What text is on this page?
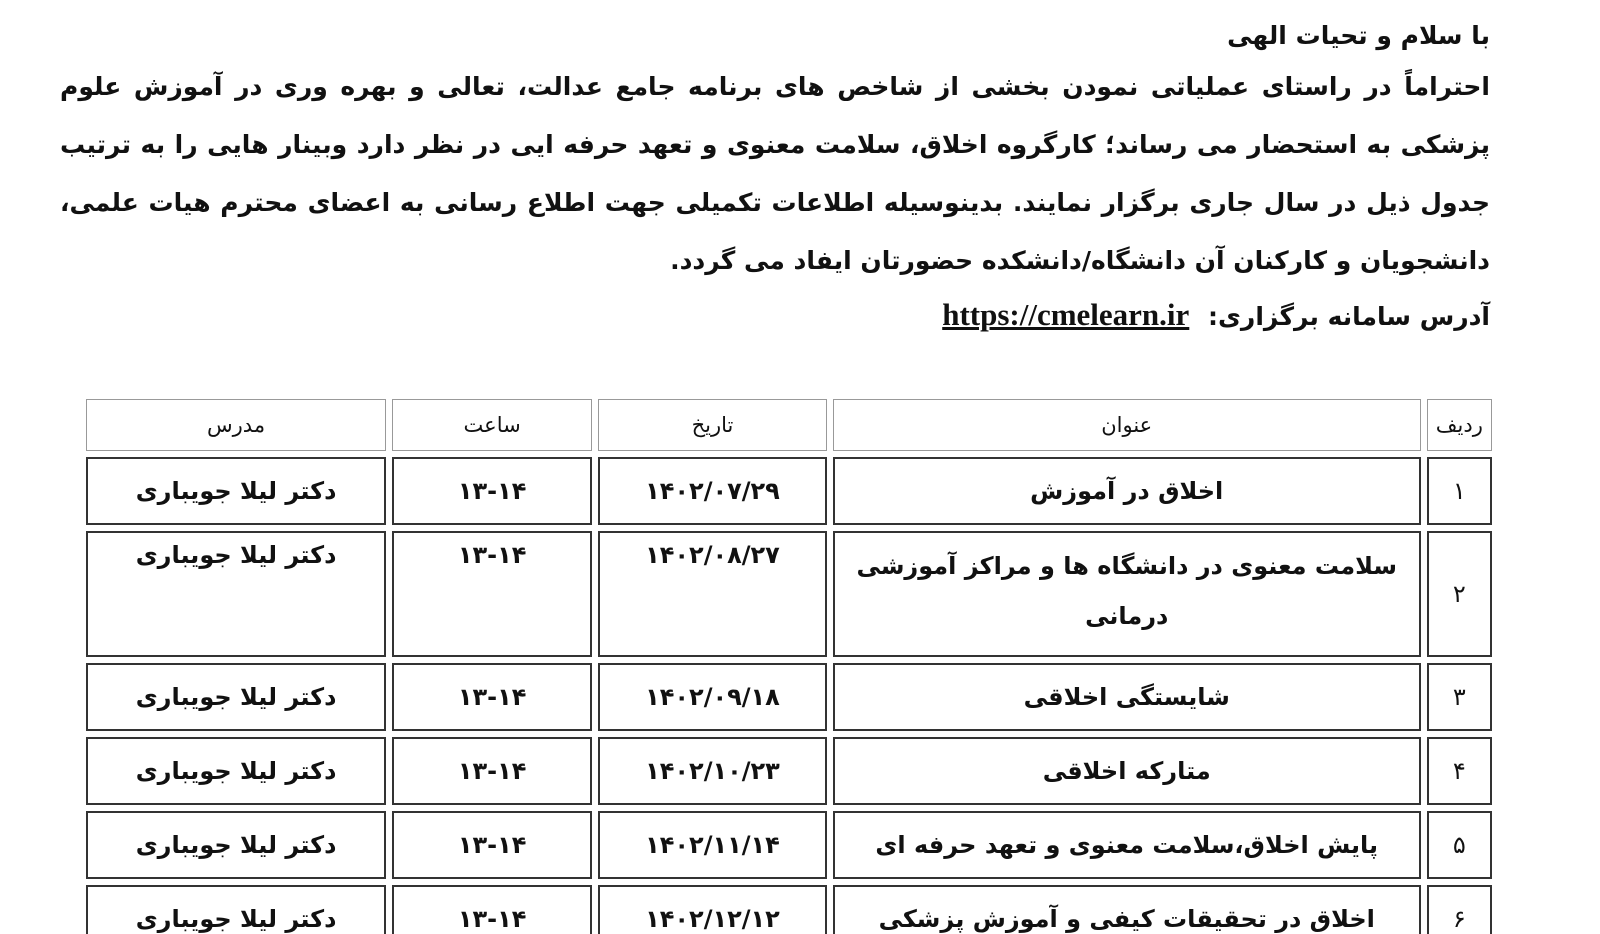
با سلام و تحیات الهی

احتراماً در راستای عملیاتی نمودن بخشی از شاخص های برنامه جامع عدالت، تعالی و بهره وری در آموزش علوم پزشکی به استحضار می رساند؛ کارگروه اخلاق، سلامت معنوی و تعهد حرفه ایی در نظر دارد وبینار هایی را به ترتیب جدول ذیل در سال جاری برگزار نمایند. بدینوسیله اطلاعات تکمیلی جهت اطلاع رسانی به اعضای محترم هیات علمی، دانشجویان و کارکنان آن دانشگاه/دانشکده حضورتان ایفاد می گردد.

آدرس سامانه برگزاری: https://cmelearn.ir
ردیف	عنوان	تاریخ	ساعت	مدرس
۱	اخلاق در آموزش	۱۴۰۲/۰۷/۲۹	۱۳-۱۴	دکتر لیلا جویباری
۲	سلامت معنوی در دانشگاه ها و مراکز آموزشی درمانی	۱۴۰۲/۰۸/۲۷	۱۳-۱۴	دکتر لیلا جویباری
۳	شایستگی اخلاقی	۱۴۰۲/۰۹/۱۸	۱۳-۱۴	دکتر لیلا جویباری
۴	متارکه اخلاقی	۱۴۰۲/۱۰/۲۳	۱۳-۱۴	دکتر لیلا جویباری
۵	پایش اخلاق،سلامت معنوی و تعهد حرفه ای	۱۴۰۲/۱۱/۱۴	۱۳-۱۴	دکتر لیلا جویباری
۶	اخلاق در تحقیقات کیفی و آموزش پزشکی	۱۴۰۲/۱۲/۱۲	۱۳-۱۴	دکتر لیلا جویباری
